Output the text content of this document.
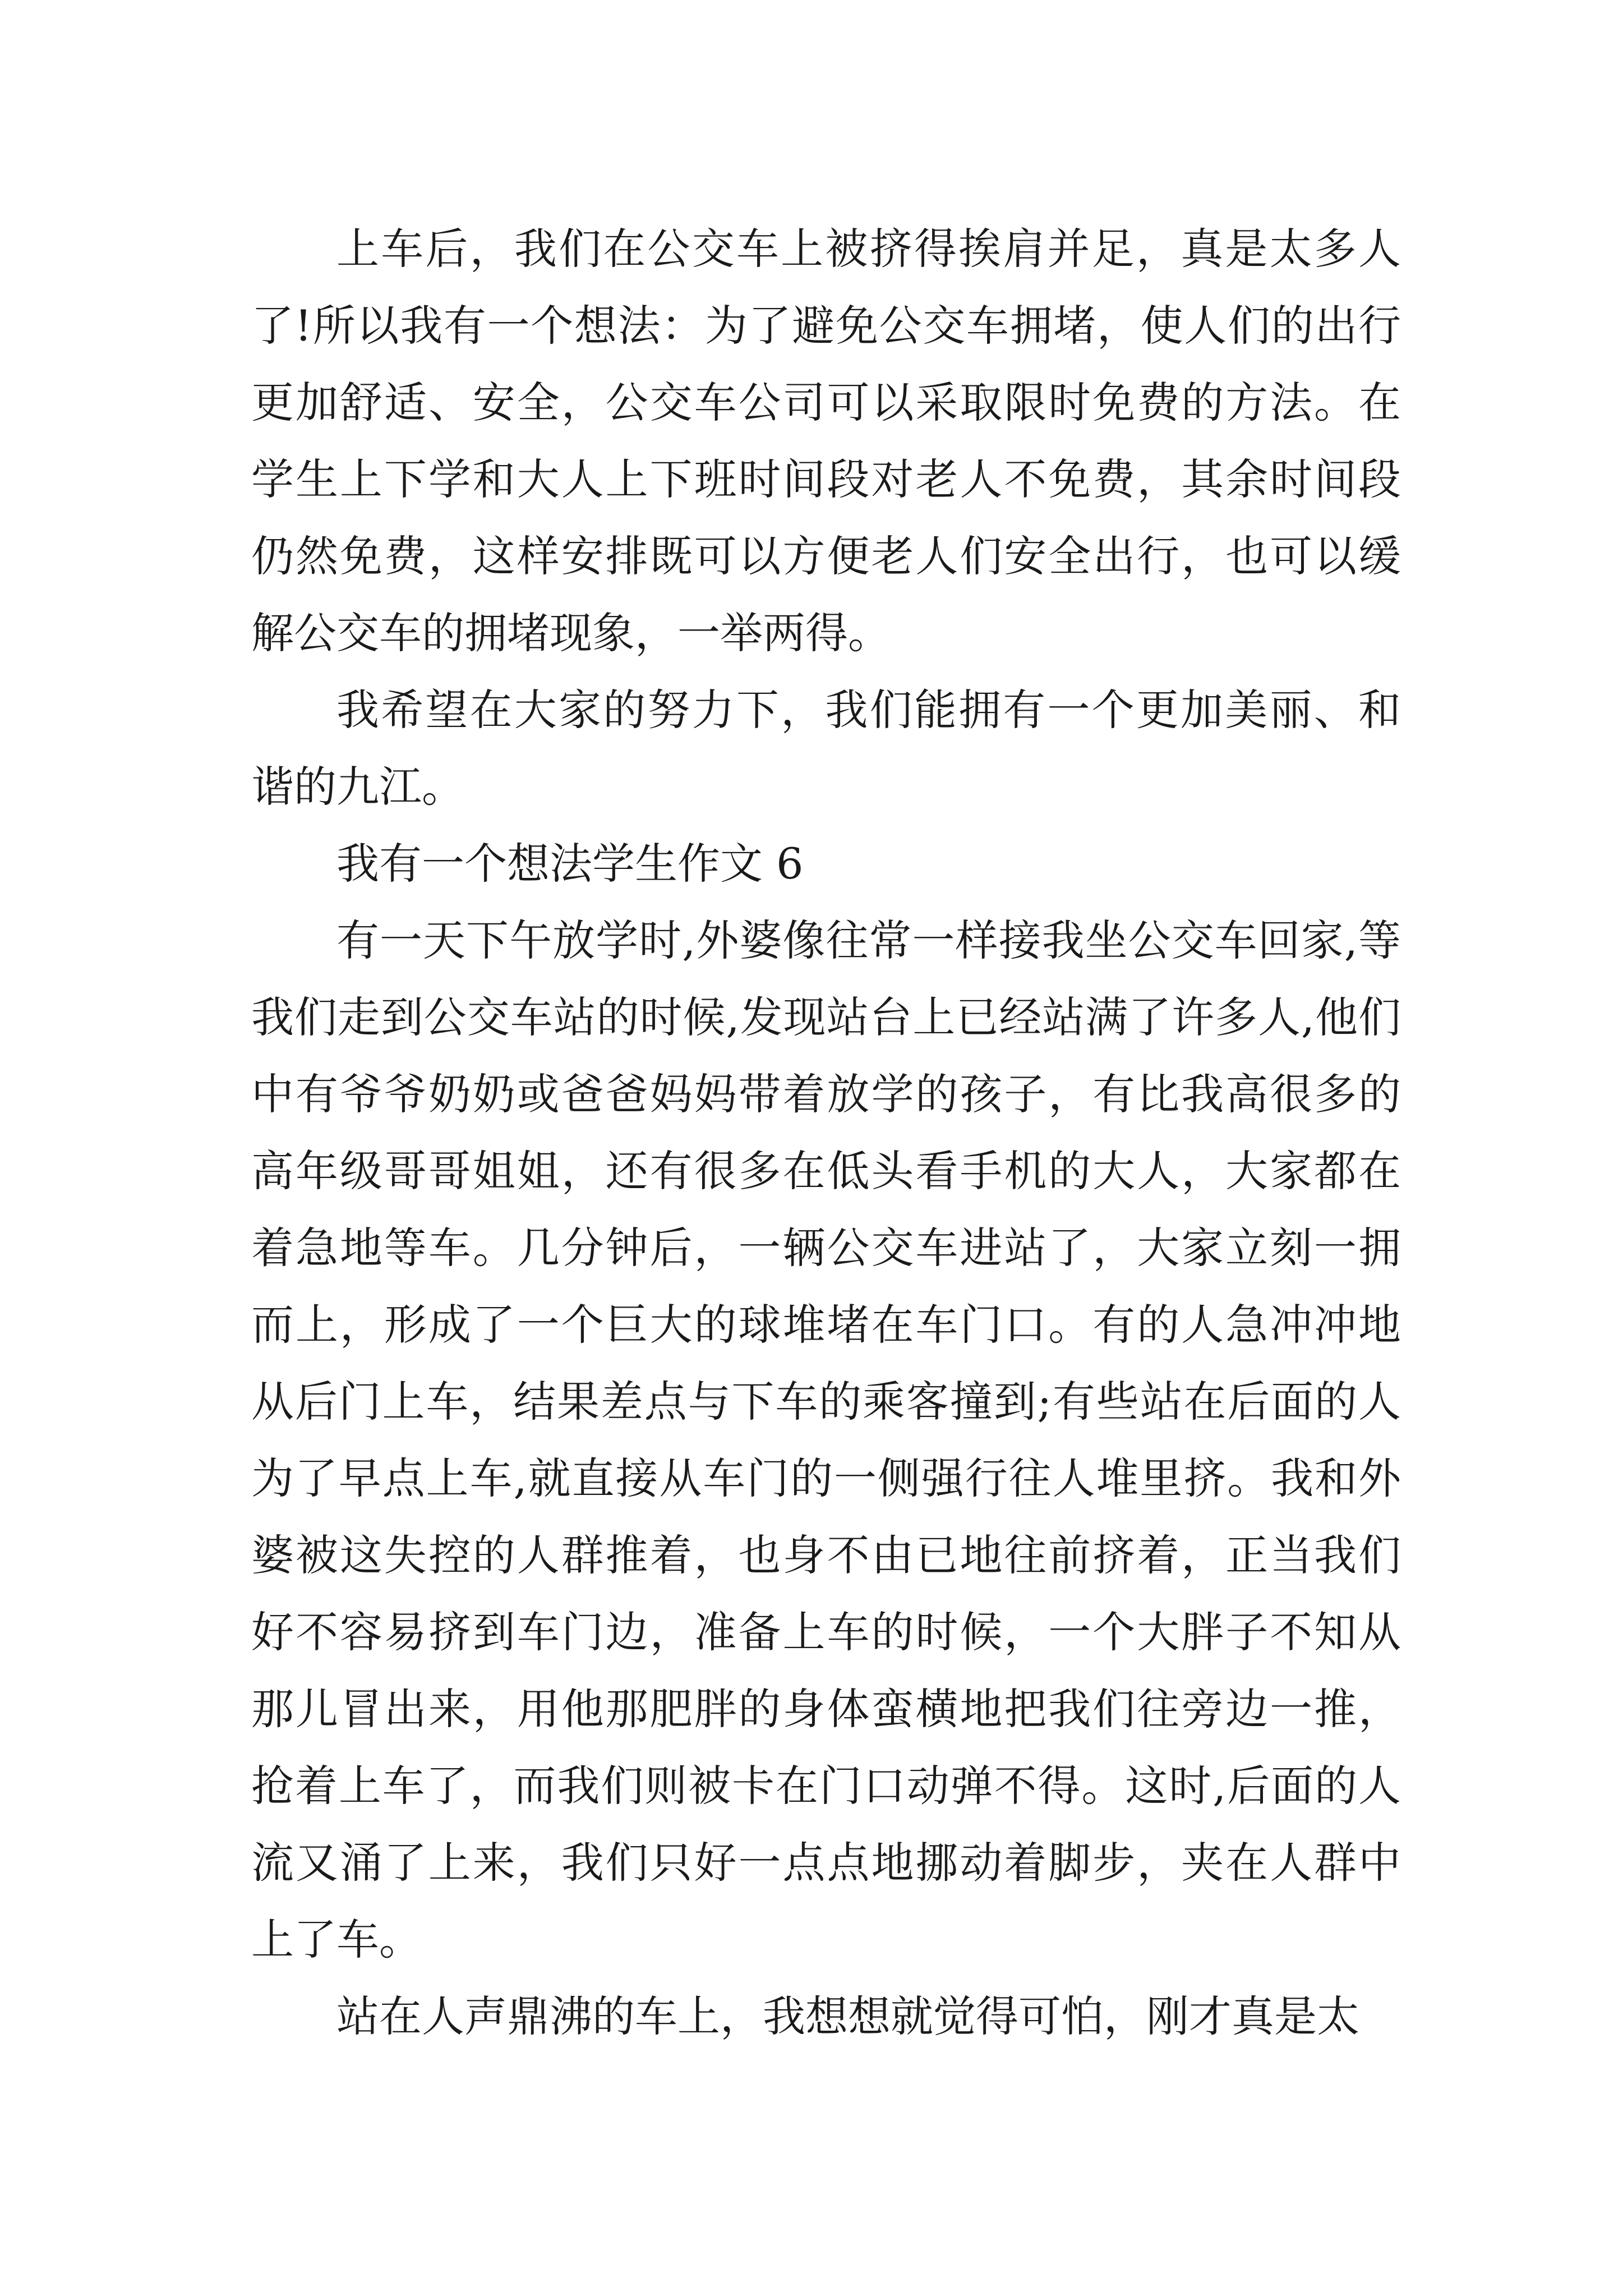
上车后，我们在公交车上被挤得挨肩并足，真是太多人了!所以我有一个想法：为了避免公交车拥堵，使人们的出行更加舒适、安全，公交车公司可以采取限时免费的方法。在学生上下学和大人上下班时间段对老人不免费，其余时间段仍然免费，这样安排既可以方便老人们安全出行，也可以缓解公交车的拥堵现象，一举两得。

我希望在大家的努力下，我们能拥有一个更加美丽、和谐的九江。

我有一个想法学生作文 6

有一天下午放学时,外婆像往常一样接我坐公交车回家,等我们走到公交车站的时候,发现站台上已经站满了许多人,他们中有爷爷奶奶或爸爸妈妈带着放学的孩子，有比我高很多的高年级哥哥姐姐，还有很多在低头看手机的大人，大家都在着急地等车。几分钟后，一辆公交车进站了，大家立刻一拥而上，形成了一个巨大的球堆堵在车门口。有的人急冲冲地从后门上车，结果差点与下车的乘客撞到;有些站在后面的人为了早点上车,就直接从车门的一侧强行往人堆里挤。我和外婆被这失控的人群推着，也身不由已地往前挤着，正当我们好不容易挤到车门边，准备上车的时候，一个大胖子不知从那儿冒出来，用他那肥胖的身体蛮横地把我们往旁边一推，抢着上车了，而我们则被卡在门口动弹不得。这时,后面的人流又涌了上来，我们只好一点点地挪动着脚步，夹在人群中上了车。

站在人声鼎沸的车上，我想想就觉得可怕，刚才真是太
